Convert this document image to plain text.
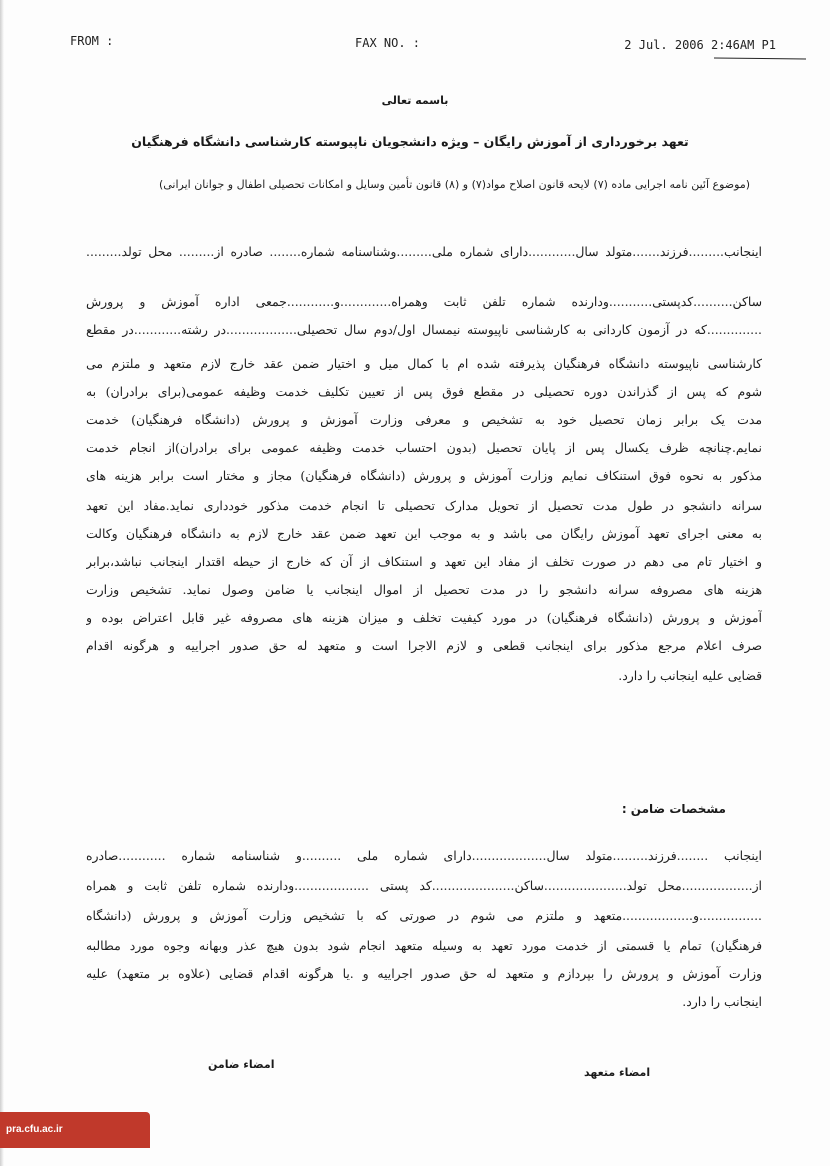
FROM :	FAX NO. :	2 Jul. 2006 2:46AM P1
باسمه تعالی
تعهد برخورداری از آموزش رایگان – ویژه دانشجویان ناپیوسته کارشناسی دانشگاه فرهنگیان
(موضوع آئین نامه اجرایی ماده (۷) لایحه قانون اصلاح مواد(۷) و (۸) قانون تأمین وسایل و امکانات تحصیلی اطفال و جوانان ایرانی)
اینجانب.........فرزند.......متولد سال............دارای شماره ملی.........وشناسنامه شماره........ صادره از......... محل تولد.........
ساکن..........کدپستی...........ودارنده شماره تلفن ثابت وهمراه.............و............جمعی اداره آموزش و پرورش
..............که در آزمون کاردانی به کارشناسی ناپیوسته نیمسال اول/دوم سال تحصیلی..................در رشته............در مقطع
کارشناسی ناپیوسته دانشگاه فرهنگیان پذیرفته شده ام با کمال میل و اختیار ضمن عقد خارج لازم متعهد و ملتزم می
شوم که پس از گذراندن دوره تحصیلی در مقطع فوق پس از تعیین تکلیف خدمت وظیفه عمومی(برای برادران) به
مدت یک برابر زمان تحصیل خود به تشخیص و معرفی وزارت آموزش و پرورش (دانشگاه فرهنگیان) خدمت
نمایم.چنانچه ظرف یکسال پس از پایان تحصیل (بدون احتساب خدمت وظیفه عمومی برای برادران)از انجام خدمت
مذکور به نحوه فوق استنکاف نمایم وزارت آموزش و پرورش (دانشگاه فرهنگیان) مجاز و مختار است برابر هزینه های
سرانه دانشجو در طول مدت تحصیل از تحویل مدارک تحصیلی تا انجام خدمت مذکور خودداری نماید.مفاد این تعهد
به معنی اجرای تعهد آموزش رایگان می باشد و به موجب این تعهد ضمن عقد خارج لازم به دانشگاه فرهنگیان وکالت
و اختیار تام می دهم در صورت تخلف از مفاد این تعهد و استنکاف از آن که خارج از حیطه اقتدار اینجانب نباشد،برابر
هزینه های مصروفه سرانه دانشجو را در مدت تحصیل از اموال اینجانب یا ضامن وصول نماید. تشخیص وزارت
آموزش و پرورش (دانشگاه فرهنگیان) در مورد کیفیت تخلف و میزان هزینه های مصروفه غیر قابل اعتراض بوده و
صرف اعلام مرجع مذکور برای اینجانب قطعی و لازم الاجرا است و متعهد له حق صدور اجراییه و هرگونه اقدام
قضایی علیه اینجانب را دارد.
مشخصات ضامن :
اینجانب ........فرزند.........متولد سال...................دارای شماره ملی ..........و شناسنامه شماره ............صادره
از..................محل تولد.....................ساکن.....................کد پستی ...................ودارنده شماره تلفن ثابت و همراه
................و..................متعهد و ملتزم می شوم در صورتی که با تشخیص وزارت آموزش و پرورش (دانشگاه
فرهنگیان) تمام یا قسمتی از خدمت مورد تعهد به وسیله متعهد انجام شود بدون هیچ عذر وبهانه وجوه مورد مطالبه
وزارت آموزش و پرورش را بپردازم و متعهد له حق صدور اجراییه و .یا هرگونه اقدام قضایی (علاوه بر متعهد) علیه
اینجانب را دارد.
امضاء ضامن
امضاء متعهد
pra.cfu.ac.ir
